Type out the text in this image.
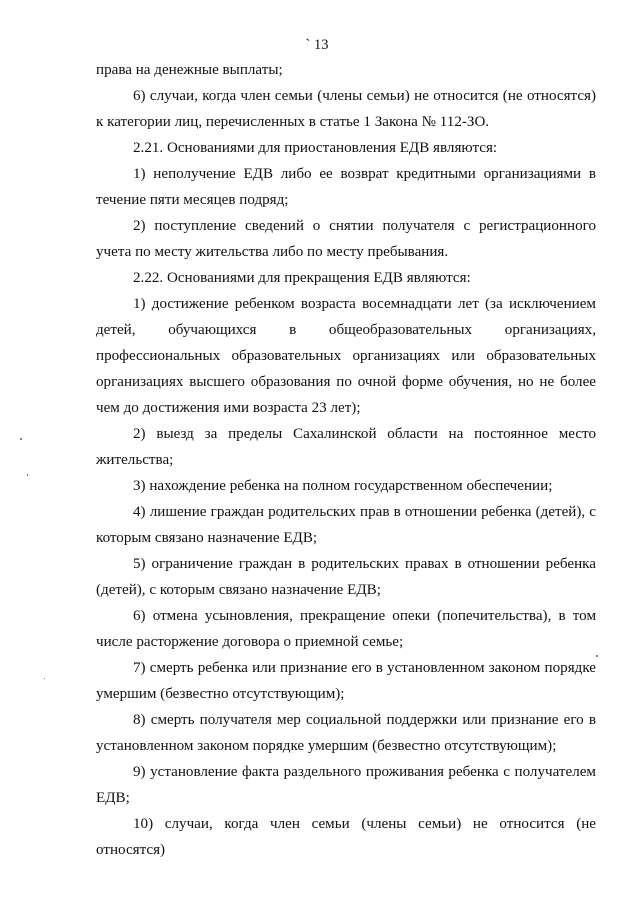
` 13

права на денежные выплаты;

6) случаи, когда член семьи (члены семьи) не относится (не относятся) к категории лиц, перечисленных в статье 1 Закона № 112-ЗО.

2.21. Основаниями для приостановления ЕДВ являются:

1) неполучение ЕДВ либо ее возврат кредитными организациями в течение пяти месяцев подряд;

2) поступление сведений о снятии получателя с регистрационного учета по месту жительства либо по месту пребывания.

2.22. Основаниями для прекращения ЕДВ являются:

1) достижение ребенком возраста восемнадцати лет (за исключением детей, обучающихся в общеобразовательных организациях, профессиональных образовательных организациях или образовательных организациях высшего образования по очной форме обучения, но не более чем до достижения ими возраста 23 лет);

2) выезд за пределы Сахалинской области на постоянное место жительства;

3) нахождение ребенка на полном государственном обеспечении;

4) лишение граждан родительских прав в отношении ребенка (детей), с которым связано назначение ЕДВ;

5) ограничение граждан в родительских правах в отношении ребенка (детей), с которым связано назначение ЕДВ;

6) отмена усыновления, прекращение опеки (попечительства), в том числе расторжение договора о приемной семье;

7) смерть ребенка или признание его в установленном законом порядке умершим (безвестно отсутствующим);

8) смерть получателя мер социальной поддержки или признание его в установленном законом порядке умершим (безвестно отсутствующим);

9) установление факта раздельного проживания ребенка с получателем ЕДВ;

10) случаи, когда член семьи (члены семьи) не относится (не относятся)
